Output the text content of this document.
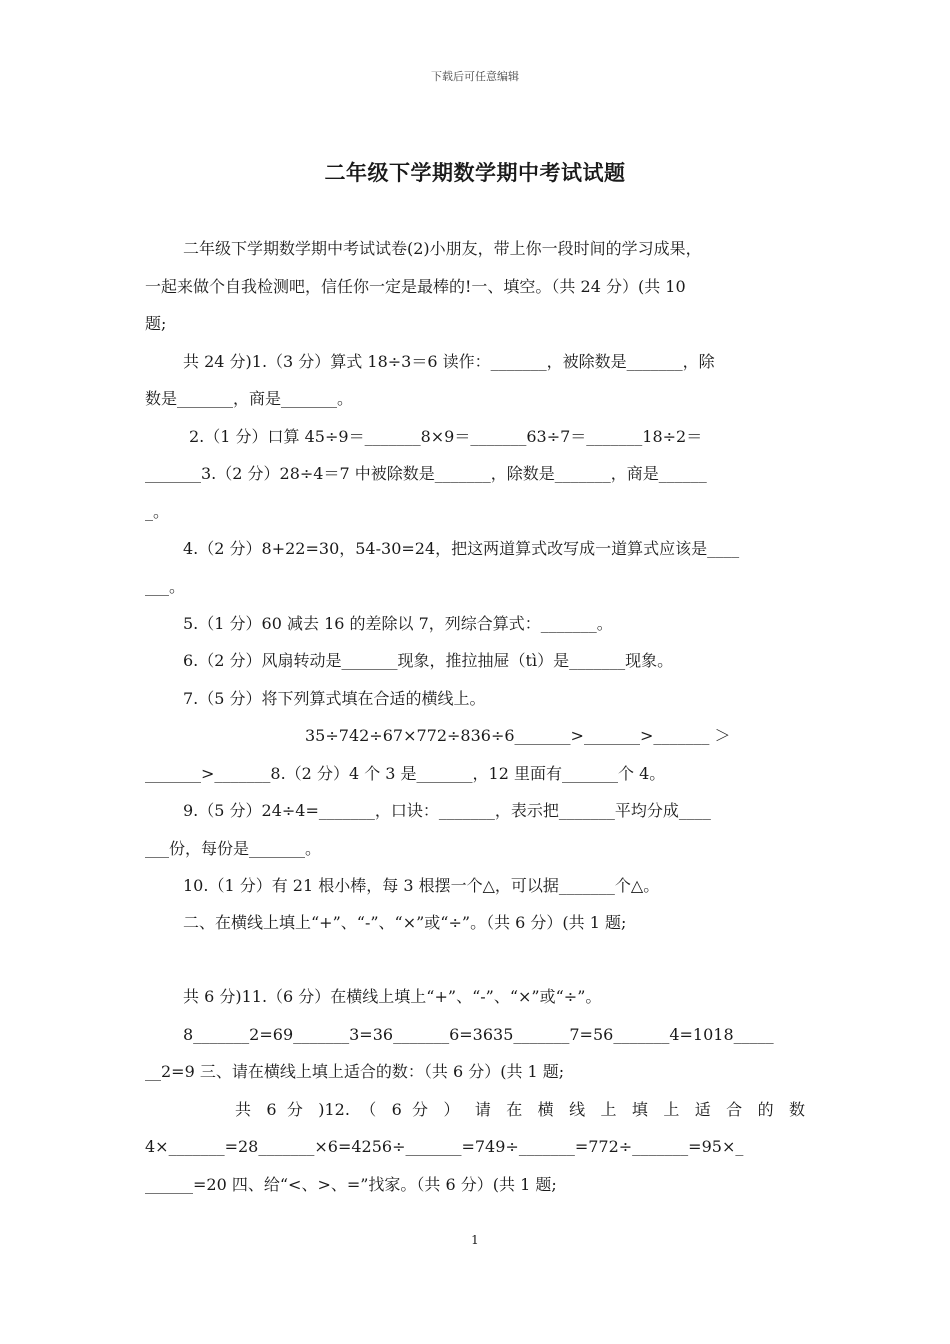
下载后可任意编辑
二年级下学期数学期中考试试题
二年级下学期数学期中考试试卷(2)小朋友，带上你一段时间的学习成果，
一起来做个自我检测吧，信任你一定是最棒的!一、填空。（共 24 分）(共 10
题;
共 24 分)1.（3 分）算式 18÷3＝6 读作：_______，被除数是_______，除
数是_______，商是_______。
2.（1 分）口算 45÷9＝_______8×9＝_______63÷7＝_______18÷2＝
_______3.（2 分）28÷4＝7 中被除数是_______，除数是_______，商是______
_。
4.（2 分）8+22=30，54-30=24，把这两道算式改写成一道算式应该是____
___。
5.（1 分）60 减去 16 的差除以 7，列综合算式：_______。
6.（2 分）风扇转动是_______现象，推拉抽屉（tì）是_______现象。
7.（5 分）将下列算式填在合适的横线上。
35÷742÷67×772÷836÷6_______>_______>_______ ＞
_______>_______8.（2 分）4 个 3 是_______，12 里面有_______个 4。
9.（5 分）24÷4=_______，口诀：_______，表示把_______平均分成____
___份，每份是_______。
10.（1 分）有 21 根小棒，每 3 根摆一个△，可以据_______个△。
二、在横线上填上“+”、“-”、“×”或“÷”。（共 6 分）(共 1 题;
共 6 分)11.（6 分）在横线上填上“+”、“-”、“×”或“÷”。
8_______2=69_______3=36_______6=3635_______7=56_______4=1018_____
__2=9 三、请在横线上填上适合的数：（共 6 分）(共 1 题;
共 6 分 )12. （ 6 分 ） 请 在 横 线 上 填 上 适 合 的 数
4×_______=28_______×6=4256÷_______=749÷_______=772÷_______=95×_
______=20 四、给“<、>、=”找家。（共 6 分）(共 1 题;
1
